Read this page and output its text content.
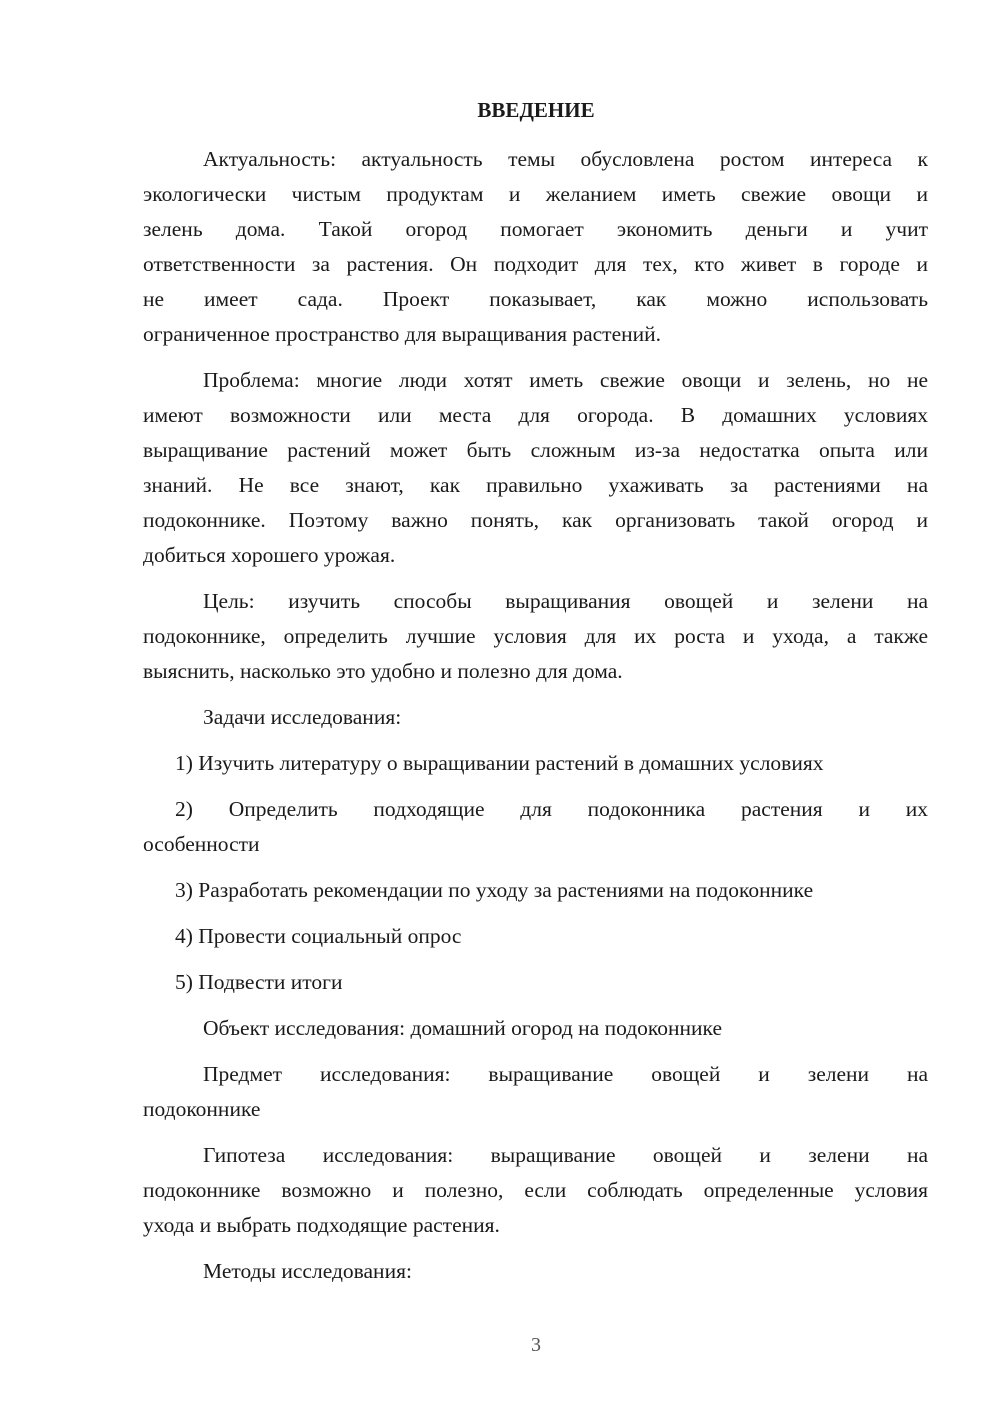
ВВЕДЕНИЕ
Актуальность: актуальность темы обусловлена ростом интереса к
экологически чистым продуктам и желанием иметь свежие овощи и
зелень дома. Такой огород помогает экономить деньги и учит
ответственности за растения. Он подходит для тех, кто живет в городе и
не имеет сада. Проект показывает, как можно использовать
ограниченное пространство для выращивания растений.
Проблема: многие люди хотят иметь свежие овощи и зелень, но не
имеют возможности или места для огорода. В домашних условиях
выращивание растений может быть сложным из-за недостатка опыта или
знаний. Не все знают, как правильно ухаживать за растениями на
подоконнике. Поэтому важно понять, как организовать такой огород и
добиться хорошего урожая.
Цель: изучить способы выращивания овощей и зелени на
подоконнике, определить лучшие условия для их роста и ухода, а также
выяснить, насколько это удобно и полезно для дома.
Задачи исследования:
1) Изучить литературу о выращивании растений в домашних условиях
2) Определить подходящие для подоконника растения и их
особенности
3) Разработать рекомендации по уходу за растениями на подоконнике
4) Провести социальный опрос
5) Подвести итоги
Объект исследования: домашний огород на подоконнике
Предмет исследования: выращивание овощей и зелени на
подоконнике
Гипотеза исследования: выращивание овощей и зелени на
подоконнике возможно и полезно, если соблюдать определенные условия
ухода и выбрать подходящие растения.
Методы исследования:
3
